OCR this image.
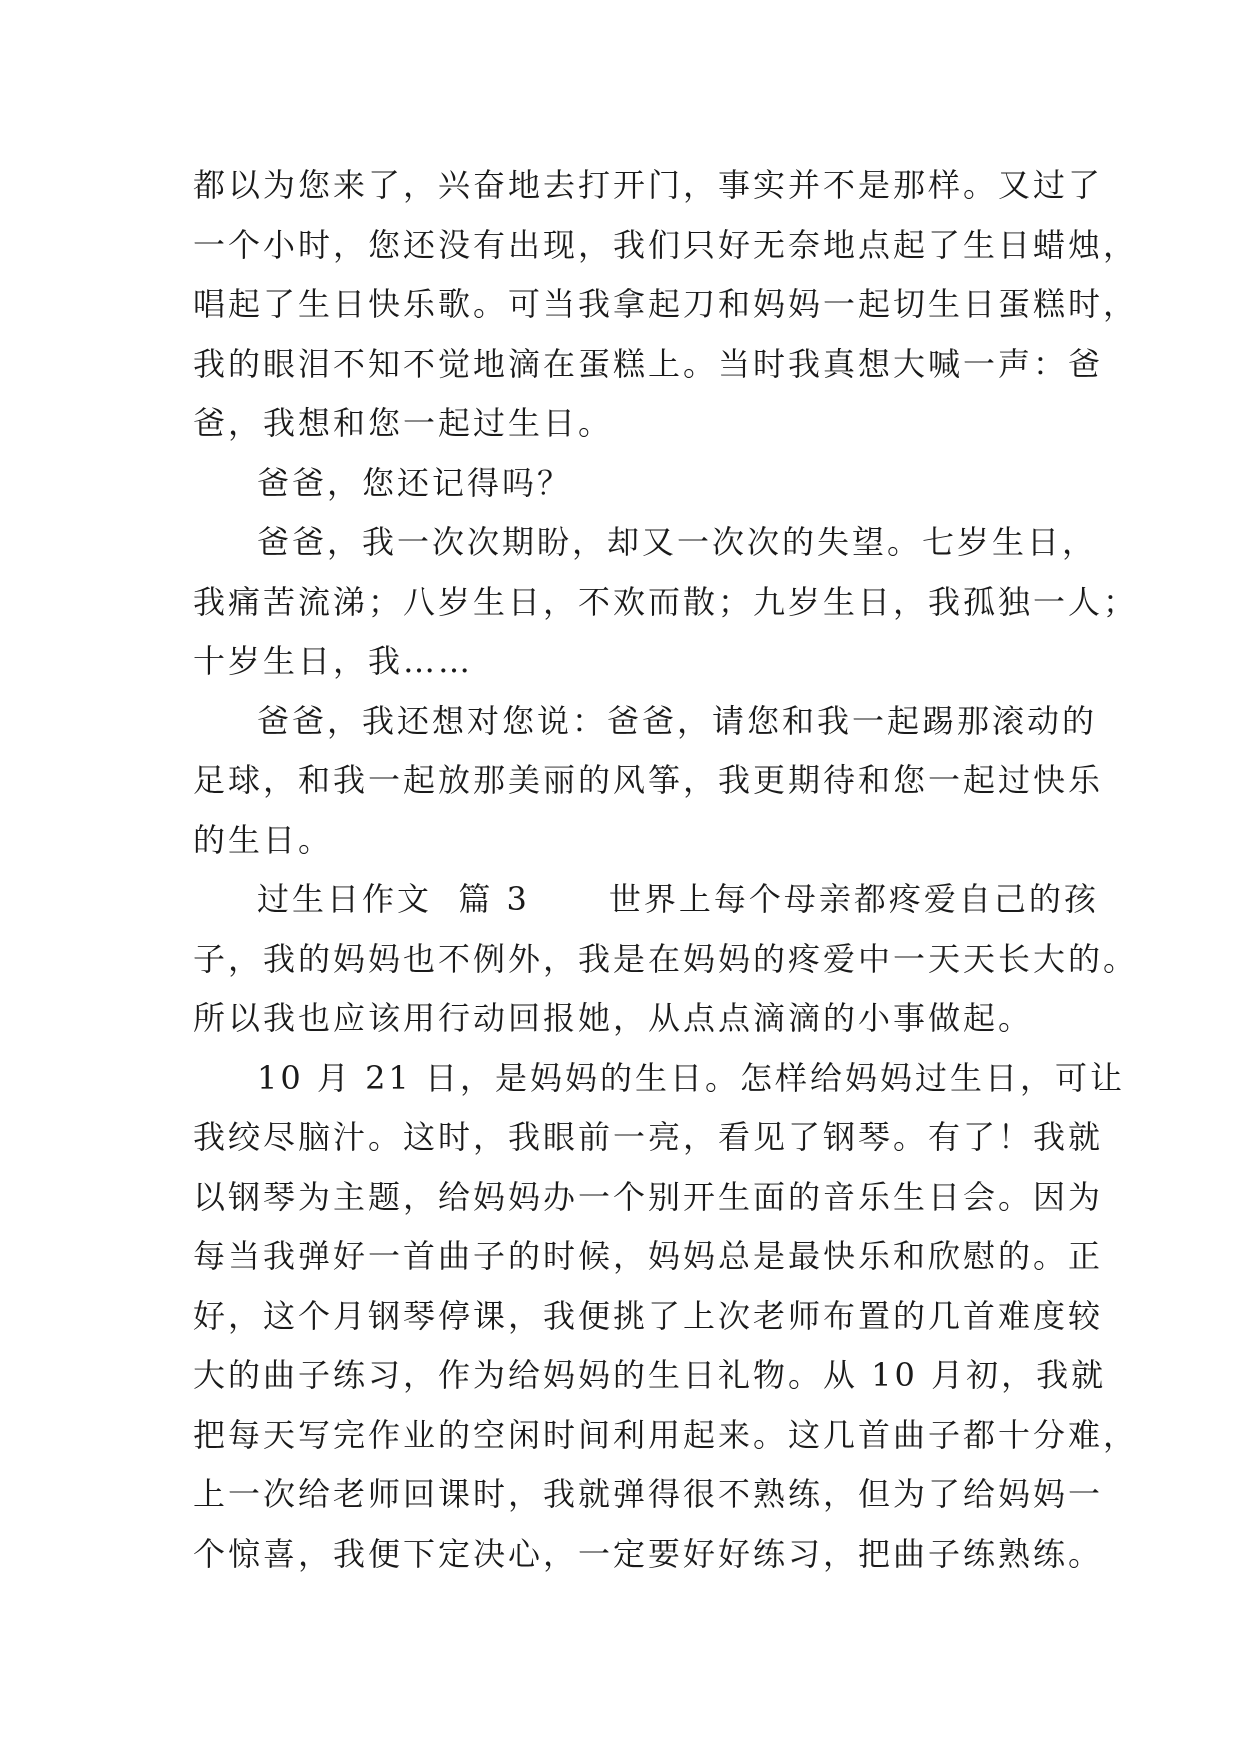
都以为您来了，兴奋地去打开门，事实并不是那样。又过了
一个小时，您还没有出现，我们只好无奈地点起了生日蜡烛，
唱起了生日快乐歌。可当我拿起刀和妈妈一起切生日蛋糕时，
我的眼泪不知不觉地滴在蛋糕上。当时我真想大喊一声：爸
爸，我想和您一起过生日。
爸爸，您还记得吗？
爸爸，我一次次期盼，却又一次次的失望。七岁生日，
我痛苦流涕；八岁生日，不欢而散；九岁生日，我孤独一人；
十岁生日，我……
爸爸，我还想对您说：爸爸，请您和我一起踢那滚动的
足球，和我一起放那美丽的风筝，我更期待和您一起过快乐
的生日。
过生日作文  篇 3      世界上每个母亲都疼爱自己的孩
子，我的妈妈也不例外，我是在妈妈的疼爱中一天天长大的。
所以我也应该用行动回报她，从点点滴滴的小事做起。
10 月 21 日，是妈妈的生日。怎样给妈妈过生日，可让
我绞尽脑汁。这时，我眼前一亮，看见了钢琴。有了！我就
以钢琴为主题，给妈妈办一个别开生面的音乐生日会。因为
每当我弹好一首曲子的时候，妈妈总是最快乐和欣慰的。正
好，这个月钢琴停课，我便挑了上次老师布置的几首难度较
大的曲子练习，作为给妈妈的生日礼物。从 10 月初，我就
把每天写完作业的空闲时间利用起来。这几首曲子都十分难，
上一次给老师回课时，我就弹得很不熟练，但为了给妈妈一
个惊喜，我便下定决心，一定要好好练习，把曲子练熟练。
